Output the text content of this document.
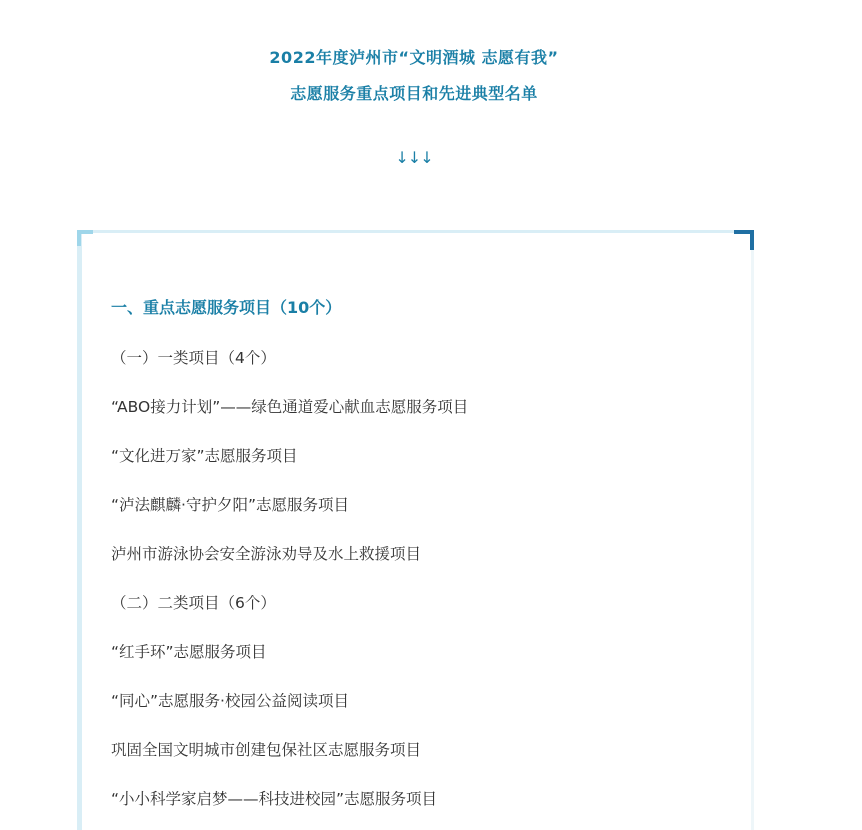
2022年度泸州市“文明酒城 志愿有我”
志愿服务重点项目和先进典型名单
↓↓↓
一、重点志愿服务项目（10个）
（一）一类项目（4个）
“ABO接力计划”——绿色通道爱心献血志愿服务项目
“文化进万家”志愿服务项目
“泸法麒麟·守护夕阳”志愿服务项目
泸州市游泳协会安全游泳劝导及水上救援项目
（二）二类项目（6个）
“红手环”志愿服务项目
“同心”志愿服务·校园公益阅读项目
巩固全国文明城市创建包保社区志愿服务项目
“小小科学家启梦——科技进校园”志愿服务项目
